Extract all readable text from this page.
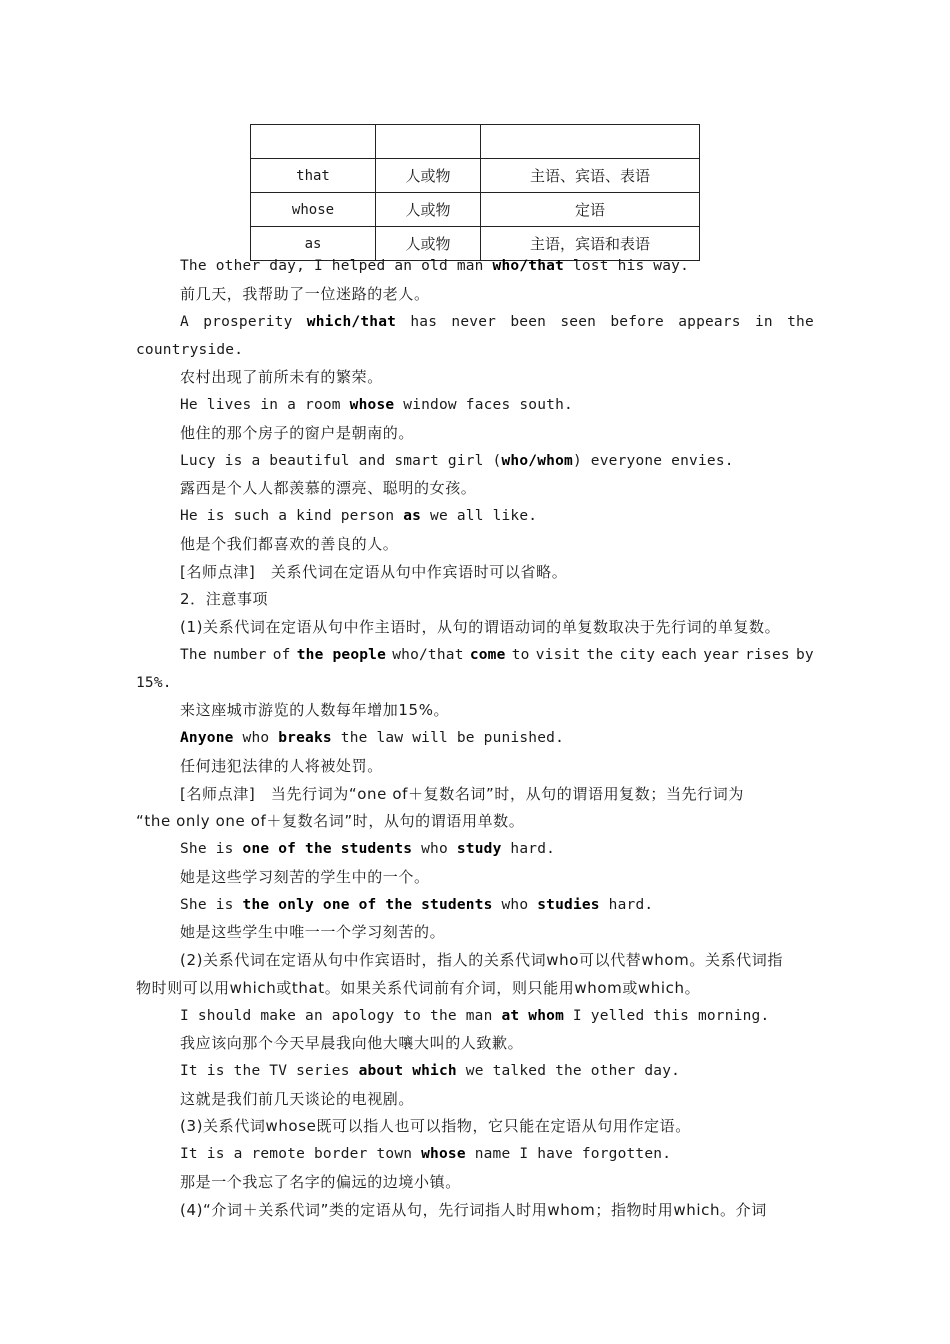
that	人或物	主语、宾语、表语
whose	人或物	定语
as	人或物	主语，宾语和表语
The other day, I helped an old man who/that lost his way.
前几天，我帮助了一位迷路的老人。
A prosperity which/that has never been seen before appears in the
countryside.
农村出现了前所未有的繁荣。
He lives in a room whose window faces south.
他住的那个房子的窗户是朝南的。
Lucy is a beautiful and smart girl (who/whom) everyone envies.
露西是个人人都羡慕的漂亮、聪明的女孩。
He is such a kind person as we all like.
他是个我们都喜欢的善良的人。
[名师点津]　关系代词在定语从句中作宾语时可以省略。
2．注意事项
(1)关系代词在定语从句中作主语时，从句的谓语动词的单复数取决于先行词的单复数。
The number of the people who/that come to visit the city each year rises by
15%.
来这座城市游览的人数每年增加15%。
Anyone who breaks the law will be punished.
任何违犯法律的人将被处罚。
[名师点津]　当先行词为“one of＋复数名词”时，从句的谓语用复数；当先行词为
“the only one of＋复数名词”时，从句的谓语用单数。
She is one of the students who study hard.
她是这些学习刻苦的学生中的一个。
She is the only one of the students who studies hard.
她是这些学生中唯一一个学习刻苦的。
(2)关系代词在定语从句中作宾语时，指人的关系代词who可以代替whom。关系代词指
物时则可以用which或that。如果关系代词前有介词，则只能用whom或which。
I should make an apology to the man at whom I yelled this morning.
我应该向那个今天早晨我向他大嚷大叫的人致歉。
It is the TV series about which we talked the other day.
这就是我们前几天谈论的电视剧。
(3)关系代词whose既可以指人也可以指物，它只能在定语从句用作定语。
It is a remote border town whose name I have forgotten.
那是一个我忘了名字的偏远的边境小镇。
(4)“介词＋关系代词”类的定语从句，先行词指人时用whom；指物时用which。介词
